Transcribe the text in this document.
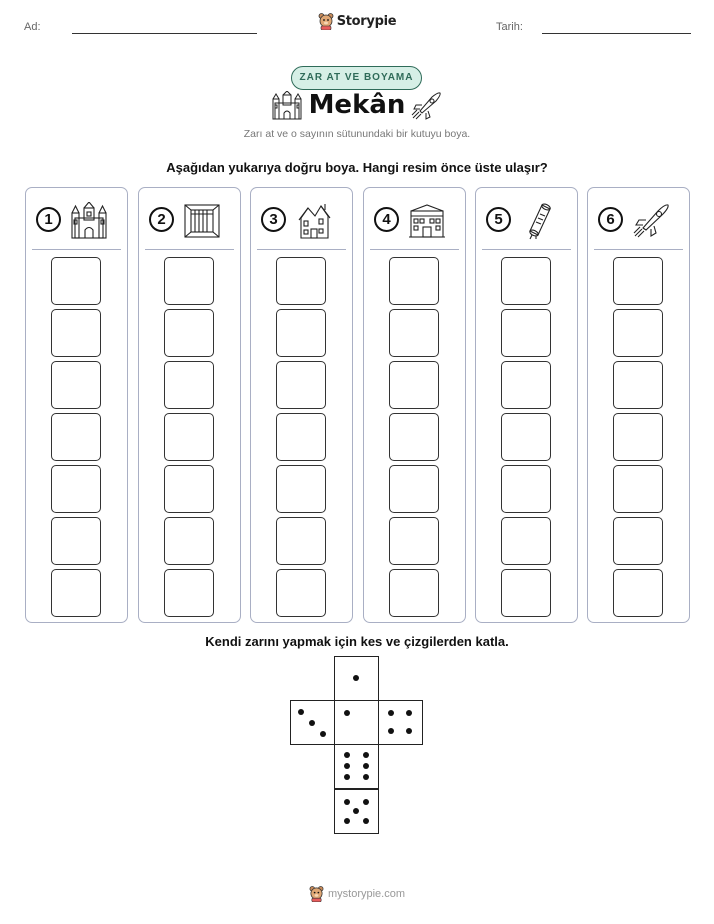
Ad:	Tarih:
Storypie
ZAR AT VE BOYAMA
Mekân
Zarı at ve o sayının sütunundaki bir kutuyu boya.
Aşağıdan yukarıya doğru boya. Hangi resim önce üste ulaşır?
1	2	3	4	5	6
Kendi zarını yapmak için kes ve çizgilerden katla.
mystorypie.com
